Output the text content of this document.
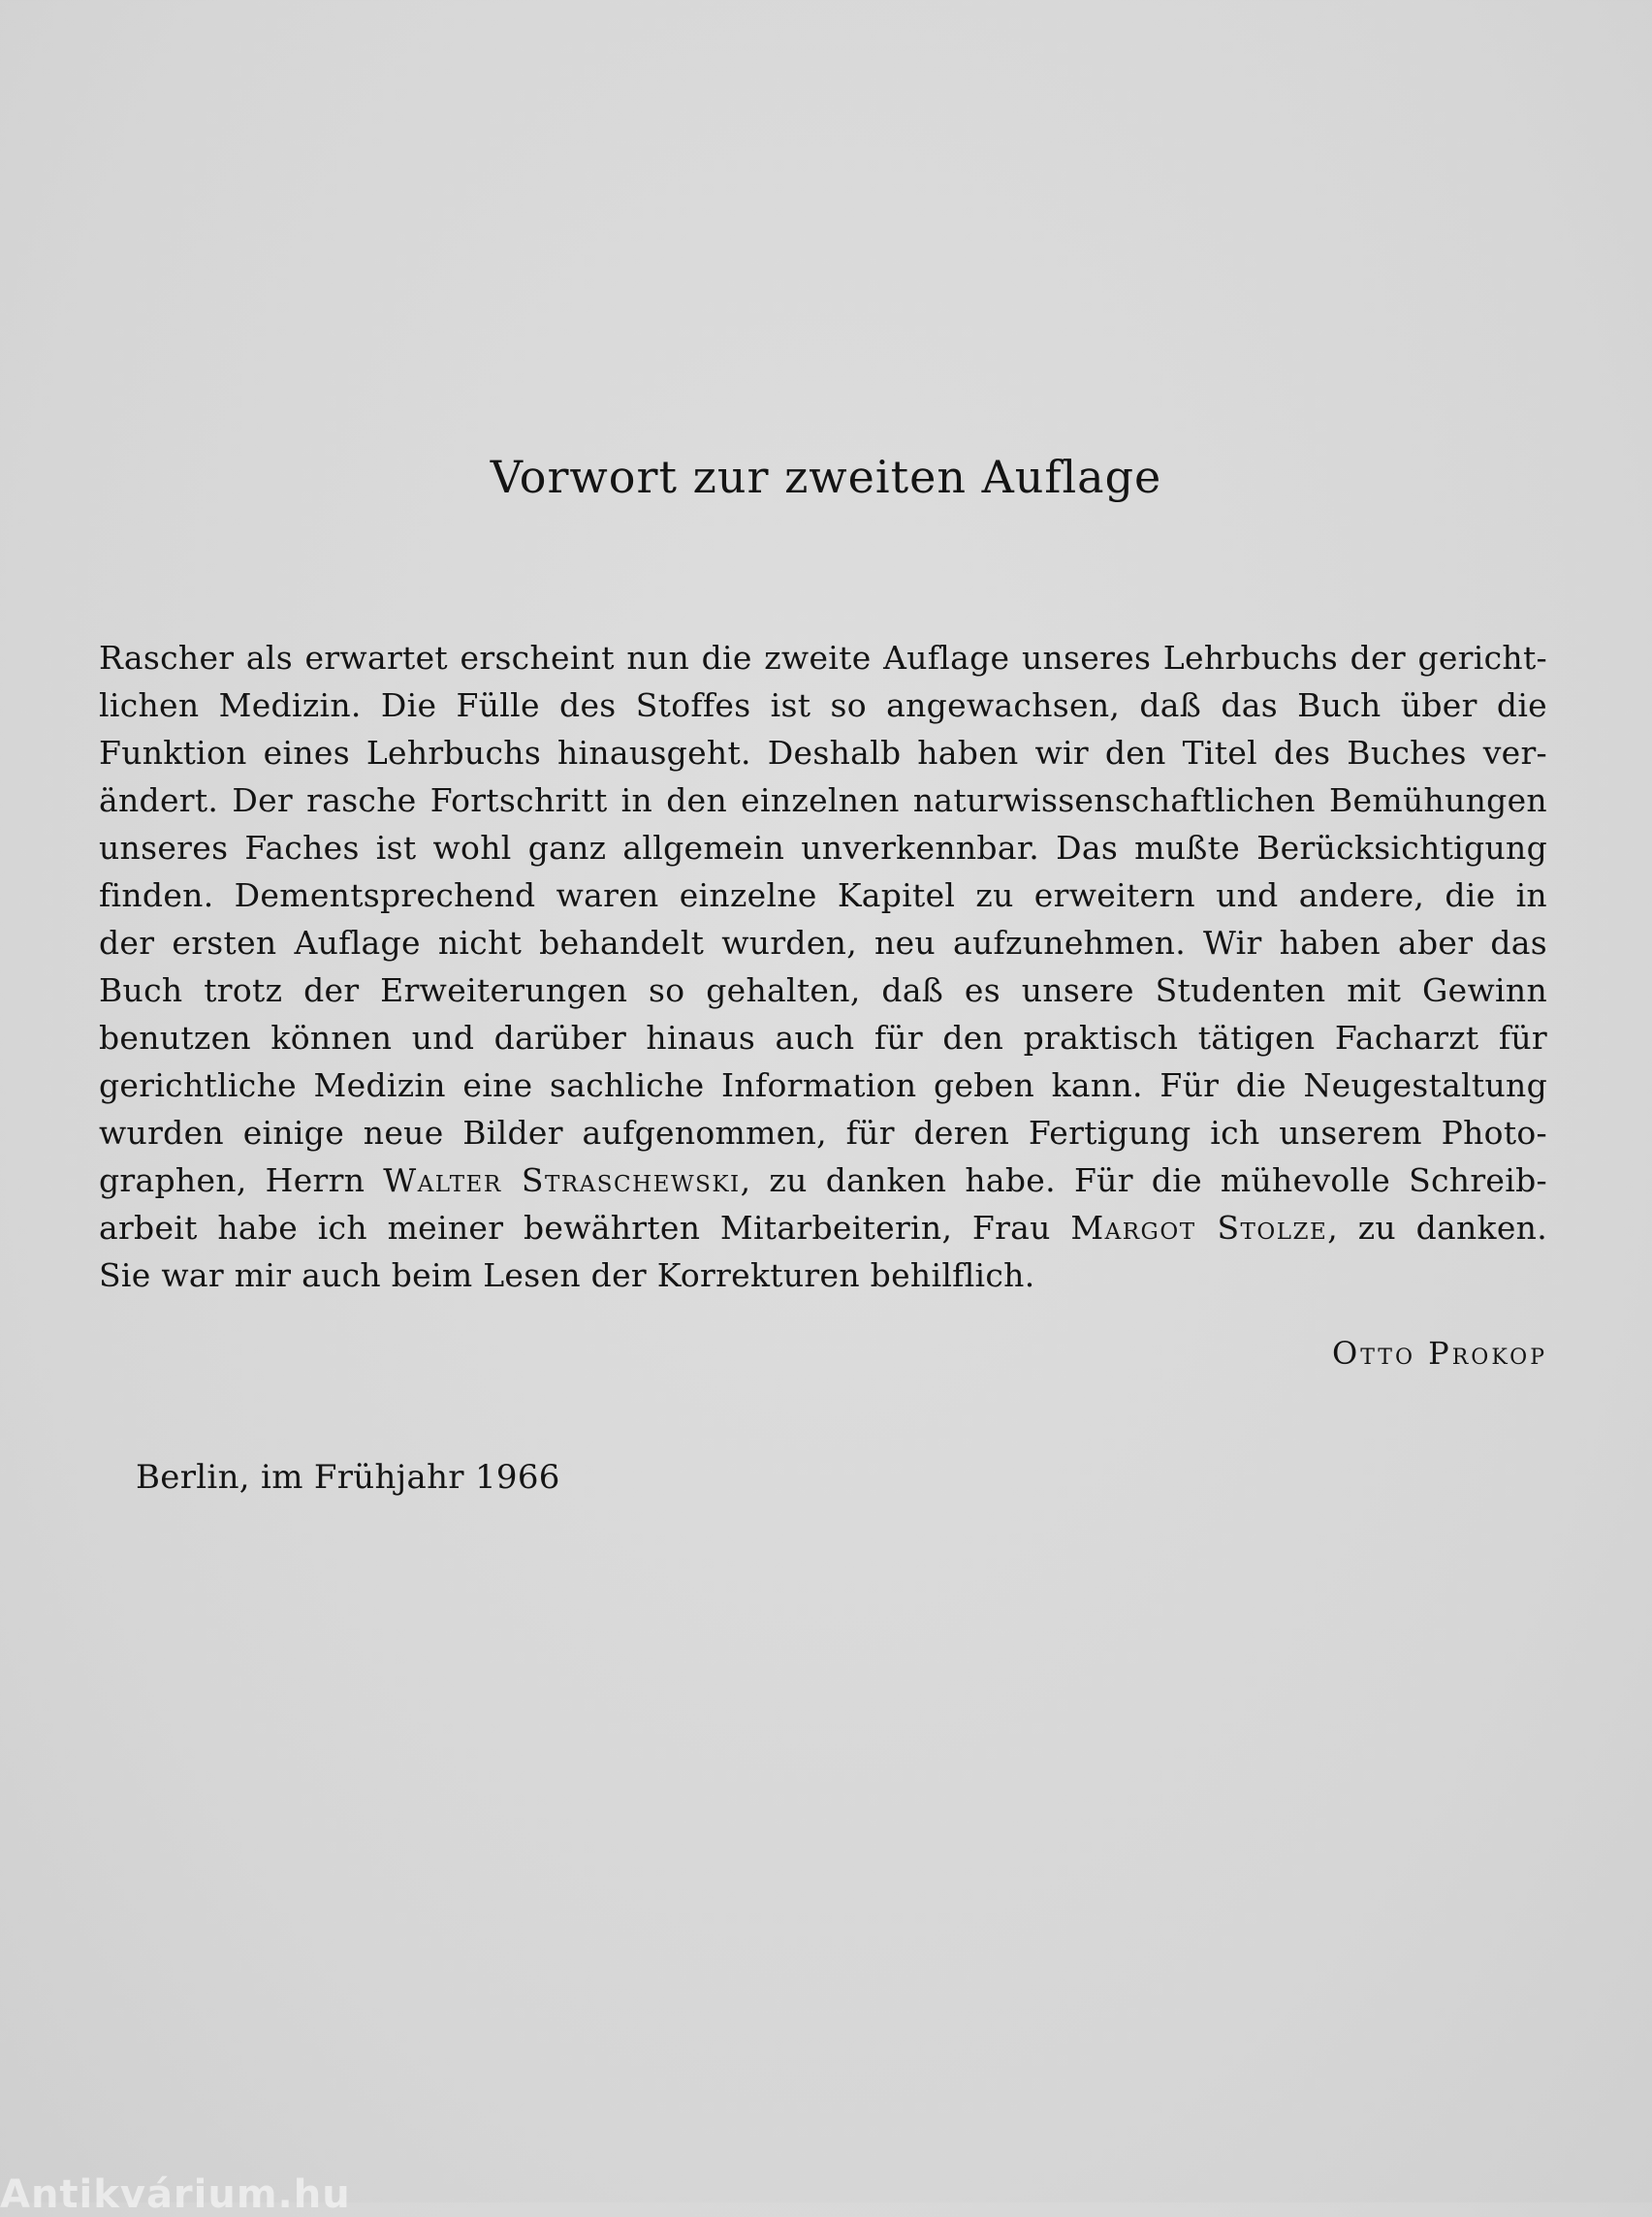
Vorwort zur zweiten Auflage
Rascher als erwartet erscheint nun die zweite Auflage unseres Lehrbuchs der gericht-
lichen Medizin. Die Fülle des Stoffes ist so angewachsen, daß das Buch über die
Funktion eines Lehrbuchs hinausgeht. Deshalb haben wir den Titel des Buches ver-
ändert. Der rasche Fortschritt in den einzelnen naturwissenschaftlichen Bemühungen
unseres Faches ist wohl ganz allgemein unverkennbar. Das mußte Berücksichtigung
finden. Dementsprechend waren einzelne Kapitel zu erweitern und andere, die in
der ersten Auflage nicht behandelt wurden, neu aufzunehmen. Wir haben aber das
Buch trotz der Erweiterungen so gehalten, daß es unsere Studenten mit Gewinn
benutzen können und darüber hinaus auch für den praktisch tätigen Facharzt für
gerichtliche Medizin eine sachliche Information geben kann. Für die Neugestaltung
wurden einige neue Bilder aufgenommen, für deren Fertigung ich unserem Photo-
graphen, Herrn Walter Straschewski, zu danken habe. Für die mühevolle Schreib-
arbeit habe ich meiner bewährten Mitarbeiterin, Frau Margot Stolze, zu danken.
Sie war mir auch beim Lesen der Korrekturen behilflich.

Otto Prokop

Berlin, im Frühjahr 1966

Antikvárium.hu
